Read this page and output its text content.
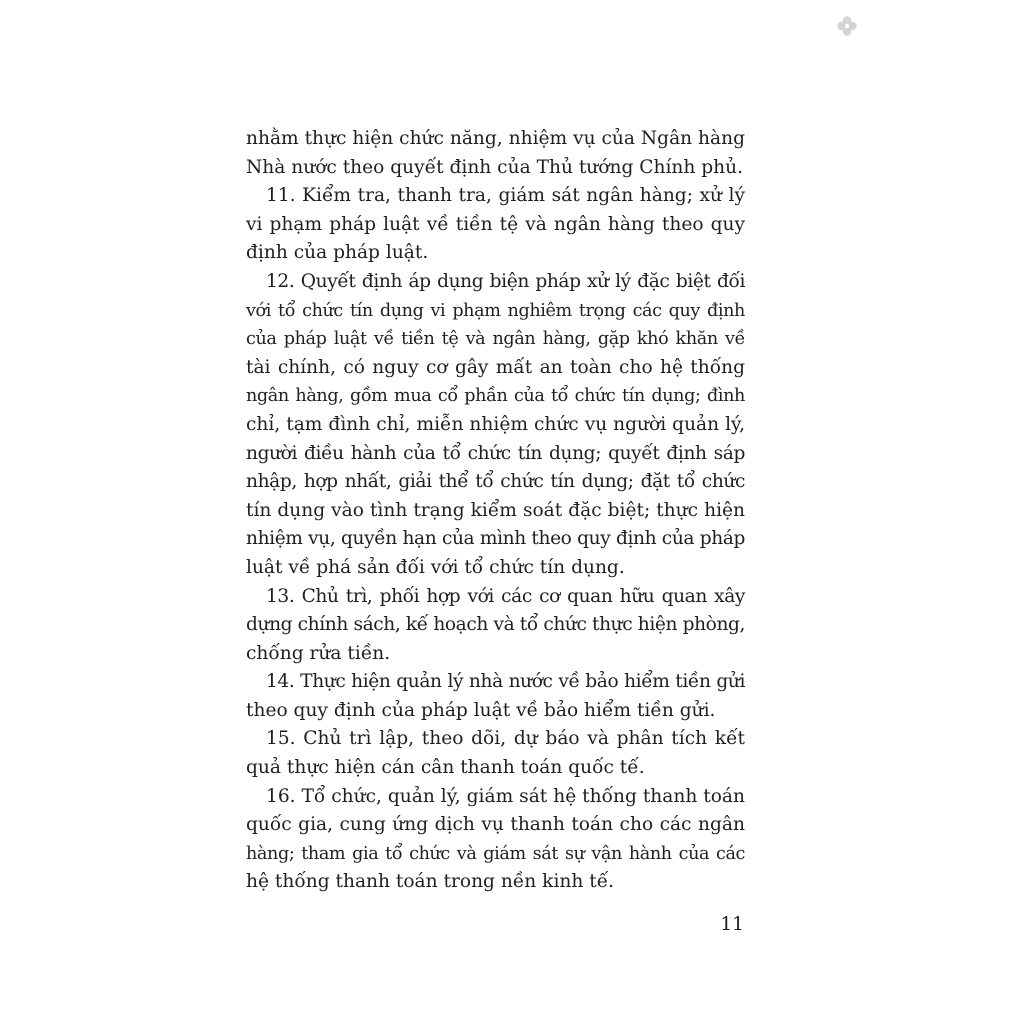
nhằm thực hiện chức năng, nhiệm vụ của Ngân hàng
Nhà nước theo quyết định của Thủ tướng Chính phủ.
11. Kiểm tra, thanh tra, giám sát ngân hàng; xử lý
vi phạm pháp luật về tiền tệ và ngân hàng theo quy
định của pháp luật.
12. Quyết định áp dụng biện pháp xử lý đặc biệt đối
với tổ chức tín dụng vi phạm nghiêm trọng các quy định
của pháp luật về tiền tệ và ngân hàng, gặp khó khăn về
tài chính, có nguy cơ gây mất an toàn cho hệ thống
ngân hàng, gồm mua cổ phần của tổ chức tín dụng; đình
chỉ, tạm đình chỉ, miễn nhiệm chức vụ người quản lý,
người điều hành của tổ chức tín dụng; quyết định sáp
nhập, hợp nhất, giải thể tổ chức tín dụng; đặt tổ chức
tín dụng vào tình trạng kiểm soát đặc biệt; thực hiện
nhiệm vụ, quyền hạn của mình theo quy định của pháp
luật về phá sản đối với tổ chức tín dụng.
13. Chủ trì, phối hợp với các cơ quan hữu quan xây
dựng chính sách, kế hoạch và tổ chức thực hiện phòng,
chống rửa tiền.
14. Thực hiện quản lý nhà nước về bảo hiểm tiền gửi
theo quy định của pháp luật về bảo hiểm tiền gửi.
15. Chủ trì lập, theo dõi, dự báo và phân tích kết
quả thực hiện cán cân thanh toán quốc tế.
16. Tổ chức, quản lý, giám sát hệ thống thanh toán
quốc gia, cung ứng dịch vụ thanh toán cho các ngân
hàng; tham gia tổ chức và giám sát sự vận hành của các
hệ thống thanh toán trong nền kinh tế.
11
